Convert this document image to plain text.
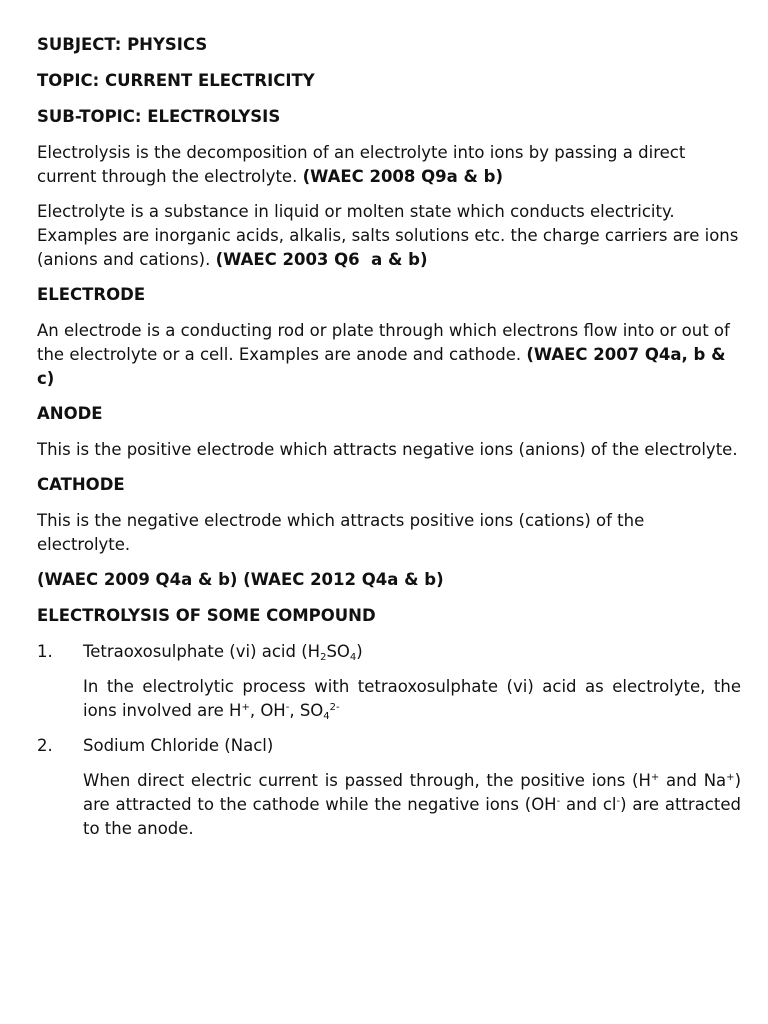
SUBJECT: PHYSICS
TOPIC: CURRENT ELECTRICITY
SUB-TOPIC: ELECTROLYSIS

Electrolysis is the decomposition of an electrolyte into ions by passing a direct current through the electrolyte. (WAEC 2008 Q9a & b)

Electrolyte is a substance in liquid or molten state which conducts electricity. Examples are inorganic acids, alkalis, salts solutions etc. the charge carriers are ions (anions and cations). (WAEC 2003 Q6  a & b)

ELECTRODE

An electrode is a conducting rod or plate through which electrons flow into or out of the electrolyte or a cell. Examples are anode and cathode. (WAEC 2007 Q4a, b & c)

ANODE

This is the positive electrode which attracts negative ions (anions) of the electrolyte.

CATHODE

This is the negative electrode which attracts positive ions (cations) of the electrolyte.

(WAEC 2009 Q4a & b) (WAEC 2012 Q4a & b)
ELECTROLYSIS OF SOME COMPOUND
1.	Tetraoxosulphate (vi) acid $(H_2SO_4)$

In the electrolytic process with tetraoxosulphate (vi) acid as electrolyte, the ions involved are H+, OH-, $SO_4^{2-}$

2.	Sodium Chloride (Nacl)

When direct electric current is passed through, the positive ions (H+ and Na+) are attracted to the cathode while the negative ions (OH- and cl-) are attracted to the anode.
